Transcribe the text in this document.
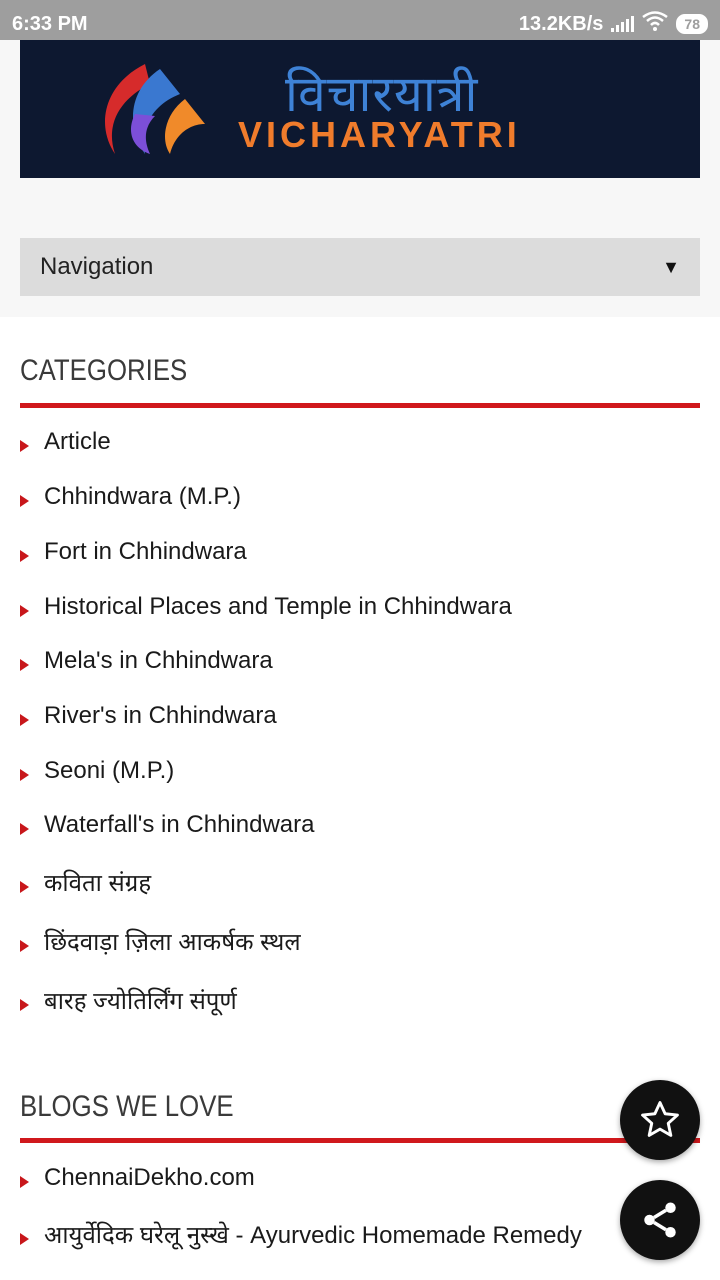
6:33 PM	13.2KB/s	78
विचारयात्री
VICHARYATRI
Navigation	▼
CATEGORIES
Article
Chhindwara (M.P.)
Fort in Chhindwara
Historical Places and Temple in Chhindwara
Mela's in Chhindwara
River's in Chhindwara
Seoni (M.P.)
Waterfall's in Chhindwara
कविता संग्रह
छिंदवाड़ा ज़िला आकर्षक स्थल
बारह ज्योतिर्लिंग संपूर्ण
BLOGS WE LOVE
ChennaiDekho.com
आयुर्वेदिक घरेलू नुस्खे - Ayurvedic Homemade Remedy
